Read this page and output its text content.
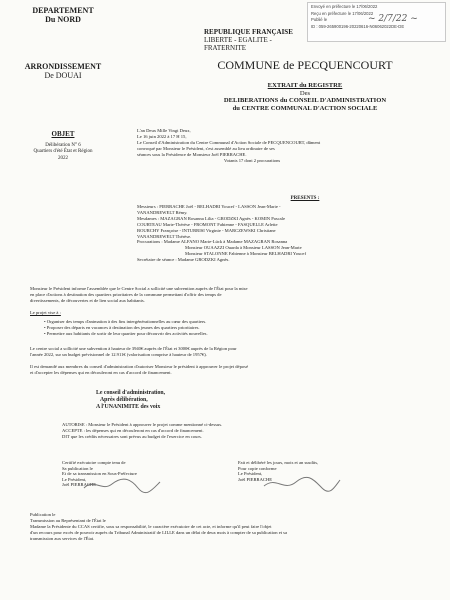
Envoyé en préfecture le 17/06/2022
Reçu en préfecture le 17/06/2022
Publié le
ID : 059-265900196-20220616-N06062022DE-DE
~ 2/7/22 ~
DEPARTEMENT
Du NORD
ARRONDISSEMENT
De DOUAI
OBJET
Délibération N° 6
Quartiers d'été État et Région 2022
REPUBLIQUE FRANÇAISE
LIBERTE - EGALITE - FRATERNITE
COMMUNE de PECQUENCOURT
EXTRAIT du REGISTRE
Des
DELIBERATIONS du CONSEIL D'ADMINISTRATION
du CENTRE COMMUNAL D'ACTION SOCIALE
L'an Deux Mille Vingt Deux,
Le 16 juin 2022 à 17 H 15,
Le Conseil d'Administration du Centre Communal d'Action Sociale de PECQUENCOURT, dûment
convoqué par Monsieur le Président, s'est assemblé au lieu ordinaire de ses
séances sous la Présidence de Monsieur Joël PIERRACHE.
Votants 17 dont 2 procurations
PRESENTS :
Messieurs : PIERRACHE Joël - BELHADRI Youcef - LASSON Jean-Marie -
VANANDREWELT Rémy.
Mesdames : MAZAGRAN Rosanna Lilia - GRODZKI Agnès - KOMIN Pascale
COURTEAU Marie-Thérèse - FROMONT Fabienne - FASQUELLE Arlette
BOURCHY Françoise - INTURRISI Virginie - MARCZEWSKI Christiane
VANANDREWELT Thérèse.
Procurations : Madame ALFANO Marie-Lück à Madame MAZAGRAN Rosanna
Monsieur OUAAZZI Ouarda à Monsieur LASSON Jean-Marie
Monsieur STALONNE Fabienne à Monsieur BELHADRI Youcef
Secrétaire de séance : Madame GRODZKI Agnès.
Monsieur le Président informe l'assemblée que le Centre Social a sollicité une subvention auprès de l'État pour la mise
en place d'actions à destination des quartiers prioritaires de la commune permettant d'offrir des temps de
divertissements, de découvertes et de lien social aux habitants.
Le projet vise à :
• Organiser des temps d'animation à des fins intergénérationnelles au cœur des quartiers.
• Proposer des départs en vacances à destination des jeunes des quartiers prioritaires.
• Permettre aux habitants de sortir de leur quartier pour découvrir des activités nouvelles.
Le centre social a sollicité une subvention à hauteur de 3940€ auprès de l'État et 3000€ auprès de la Région pour
l'année 2022, sur un budget prévisionnel de 12.911€ (valorisation comprise à hauteur de 1957€).
Il est demandé aux membres du conseil d'administration d'autoriser Monsieur le président à approuver le projet déposé
et d'accepter les dépenses qui en découleront en cas d'accord de financement.
Le conseil d'administration,
Après délibération,
A l'UNANIMITE des voix
AUTORISE : Monsieur le Président à approuver le projet comme mentionné ci-dessus.
ACCEPTE : les dépenses qui en découleront en cas d'accord de financement.
DIT que les crédits nécessaires sont prévus au budget de l'exercice en cours.
Certifié exécutoire compte tenu de
Sa publication le
Et de sa transmission en Sous-Préfecture
Le Président,
Joël PIERRACHE
Fait et délibéré les jours, mois et an susdits,
Pour copie conforme
Le Président,
Joël PIERRACHE
Publication le
Transmission au Représentant de l'État le
Madame la Présidente du CCAS certifie, sous sa responsabilité, le caractère exécutoire de cet acte, et informe qu'il peut faire l'objet
d'un recours pour excès de pouvoir auprès du Tribunal Administratif de LILLE dans un délai de deux mois à compter de sa publication et sa
transmission aux services de l'État.
